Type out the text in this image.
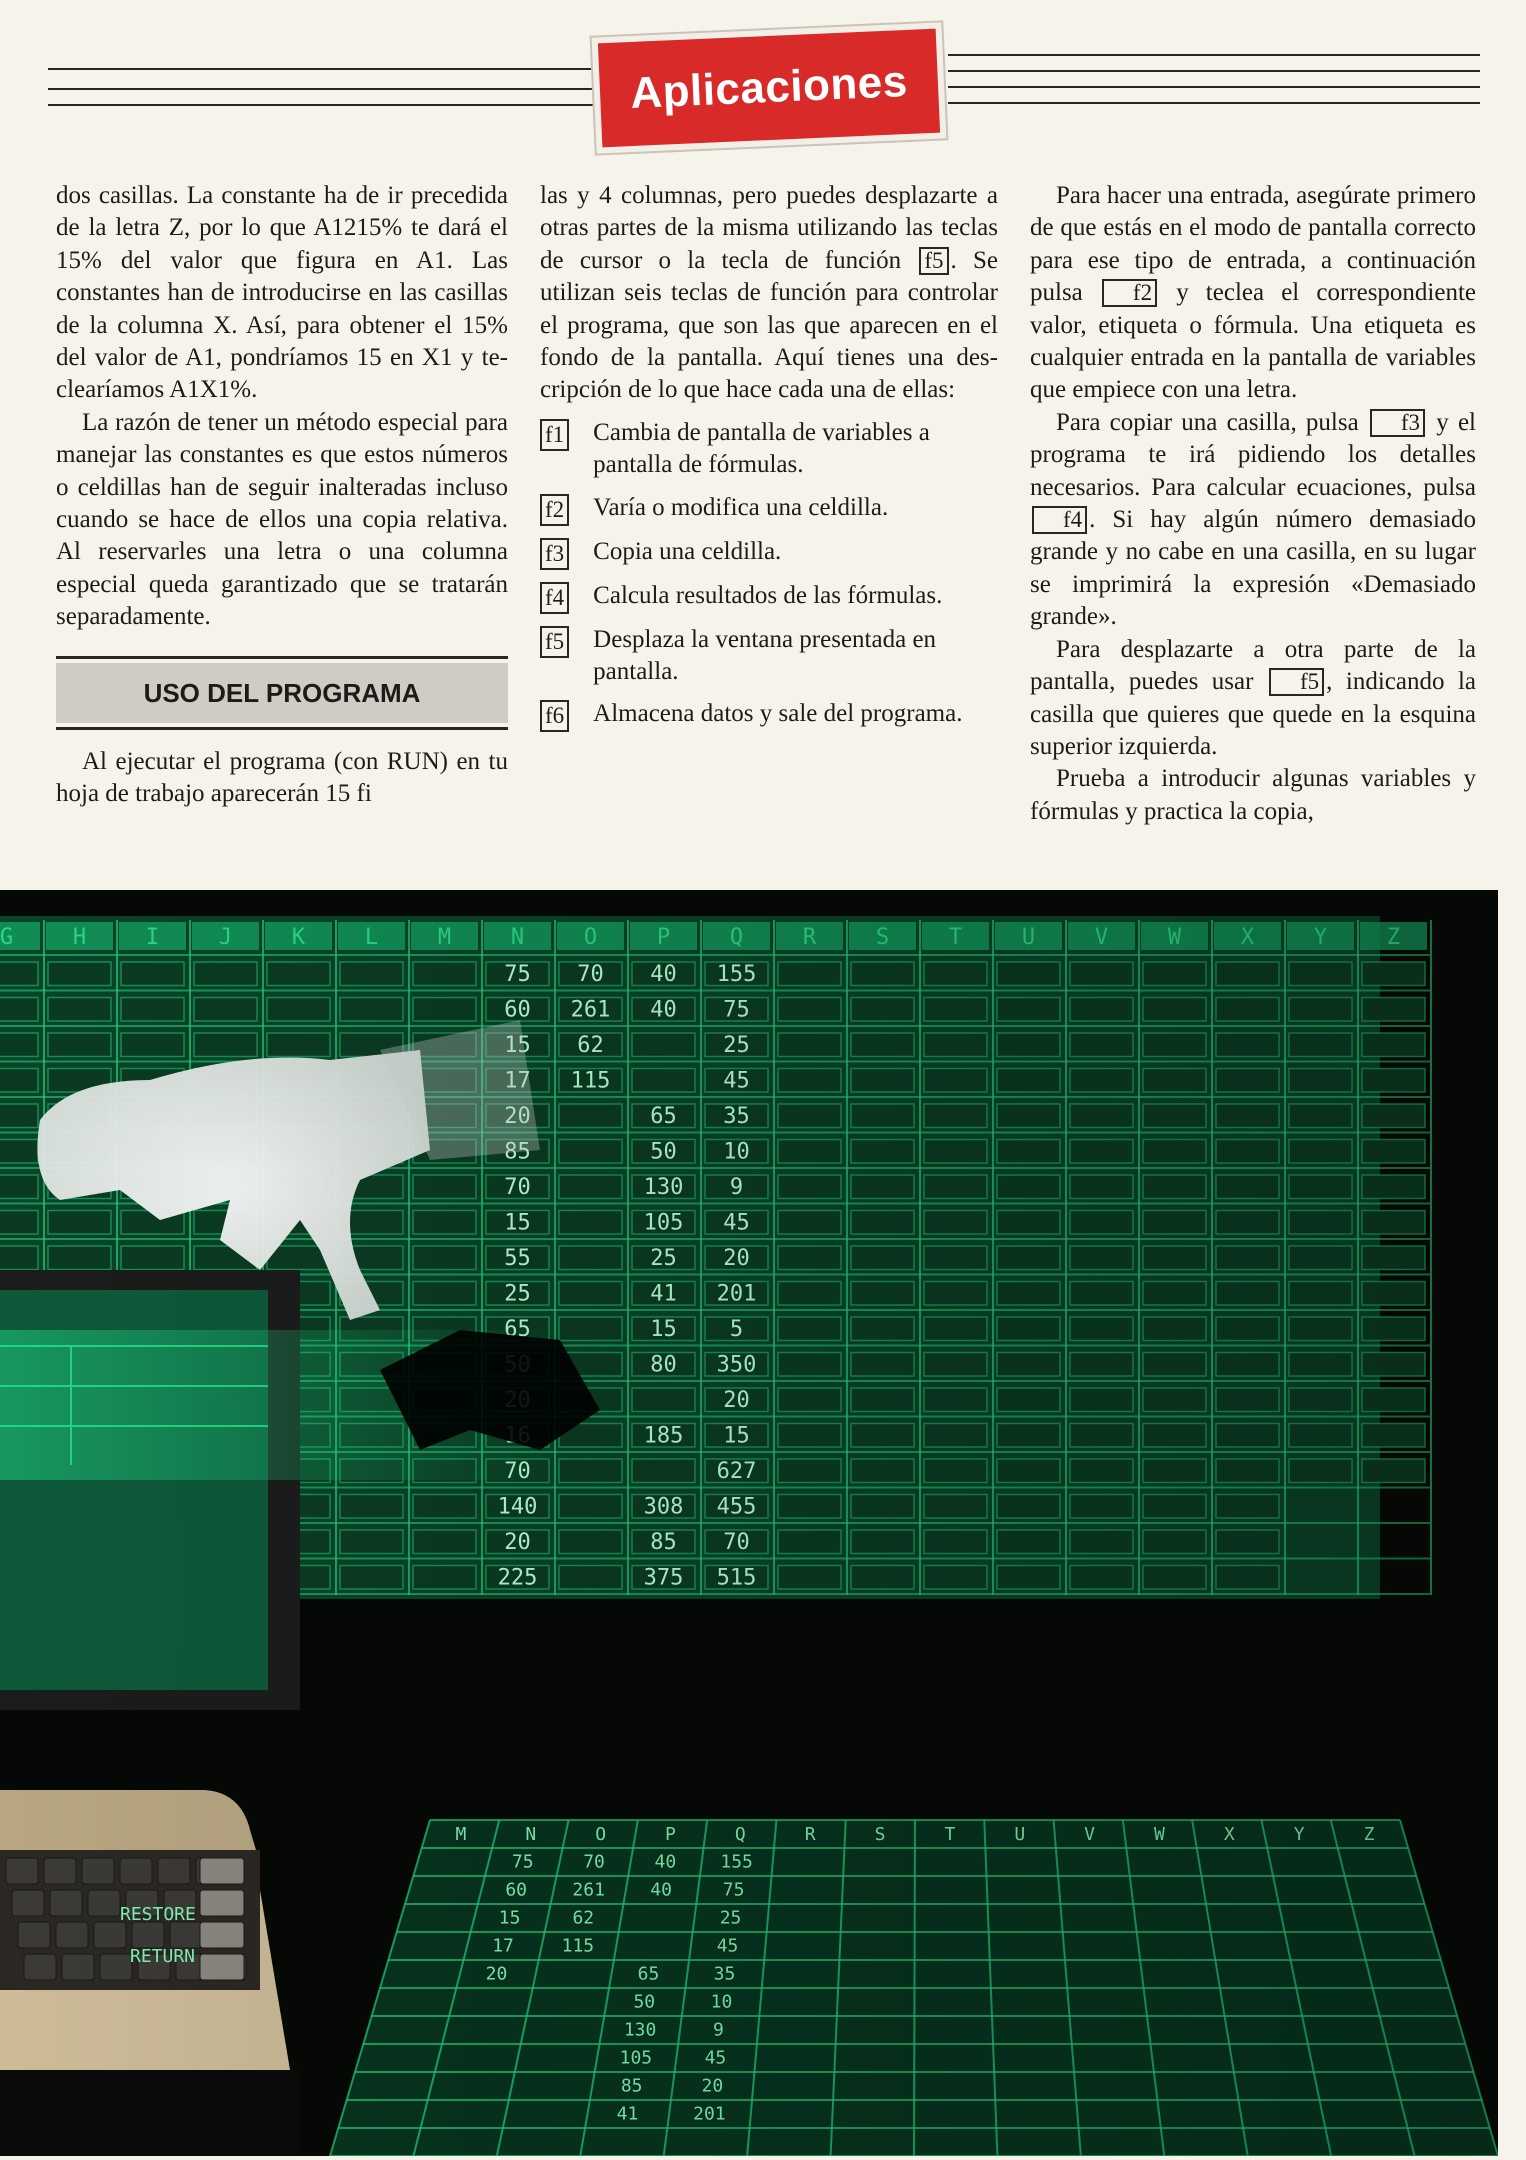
Aplicaciones

dos casillas. La constante ha de ir precedida de la letra Z, por lo que A1215% te dará el 15% del valor que figura en A1. Las constantes han de introducirse en las casillas de la columna X. Así, para obtener el 15% del valor de A1, pondríamos 15 en X1 y teclearíamos A1X1%.

La razón de tener un método especial para manejar las constantes es que estos números o celdillas han de seguir inalteradas incluso cuando se hace de ellos una copia relativa. Al reservarles una letra o una columna especial queda garantizado que se tratarán separadamente.

USO DEL PROGRAMA

Al ejecutar el programa (con RUN) en tu hoja de trabajo aparecerán 15 fi

las y 4 columnas, pero puedes desplazarte a otras partes de la misma utilizando las teclas de cursor o la tecla de función f5 . Se utilizan seis teclas de función para controlar el programa, que son las que aparecen en el fondo de la pantalla. Aquí tienes una descripción de lo que hace cada una de ellas:

f1 Cambia de pantalla de variables a pantalla de fórmulas.
f2 Varía o modifica una celdilla.
f3 Copia una celdilla.
f4 Calcula resultados de las fórmulas.
f5 Desplaza la ventana presentada en pantalla.
f6 Almacena datos y sale del programa.

Para hacer una entrada, asegúrate primero de que estás en el modo de pantalla correcto para ese tipo de entrada, a continuación pulsa f2 y teclea el correspondiente valor, etiqueta o fórmula. Una etiqueta es cualquier entrada en la pantalla de variables que empiece con una letra.

Para copiar una casilla, pulsa f3 y el programa te irá pidiendo los detalles necesarios. Para calcular ecuaciones, pulsa f4 . Si hay algún número demasiado grande y no cabe en una casilla, en su lugar se imprimirá la expresión «Demasiado grande».

Para desplazarte a otra parte de la pantalla, puedes usar f5 , indicando la casilla que quieres que quede en la esquina superior izquierda.

Prueba a introducir algunas variables y fórmulas y practica la copia,
